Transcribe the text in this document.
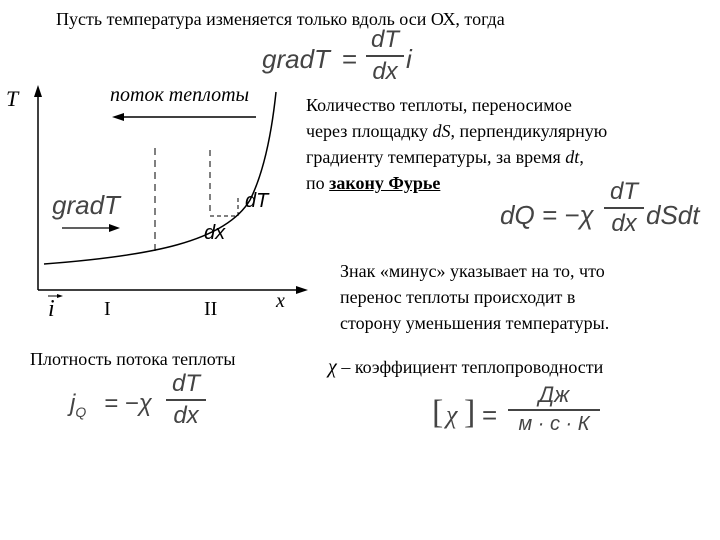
Пусть температура изменяется только вдоль оси ОХ, тогда
gradT =
dT
dx i
T
x
i
поток теплоты
gradT	dT
dx
I	II
Количество теплоты, переносимое
через площадку dS, перпендикулярную
градиенту температуры, за время dt,
по закону Фурье
dQ = −χ
dT
dx dSdt
Знак «минус» указывает на то, что
перенос теплоты происходит в
сторону уменьшения температуры.
Плотность потока теплоты
$j_Q = -\chi$
dT
dx
χ – коэффициент теплопроводности
[ χ ] =
Дж
м · с · К
